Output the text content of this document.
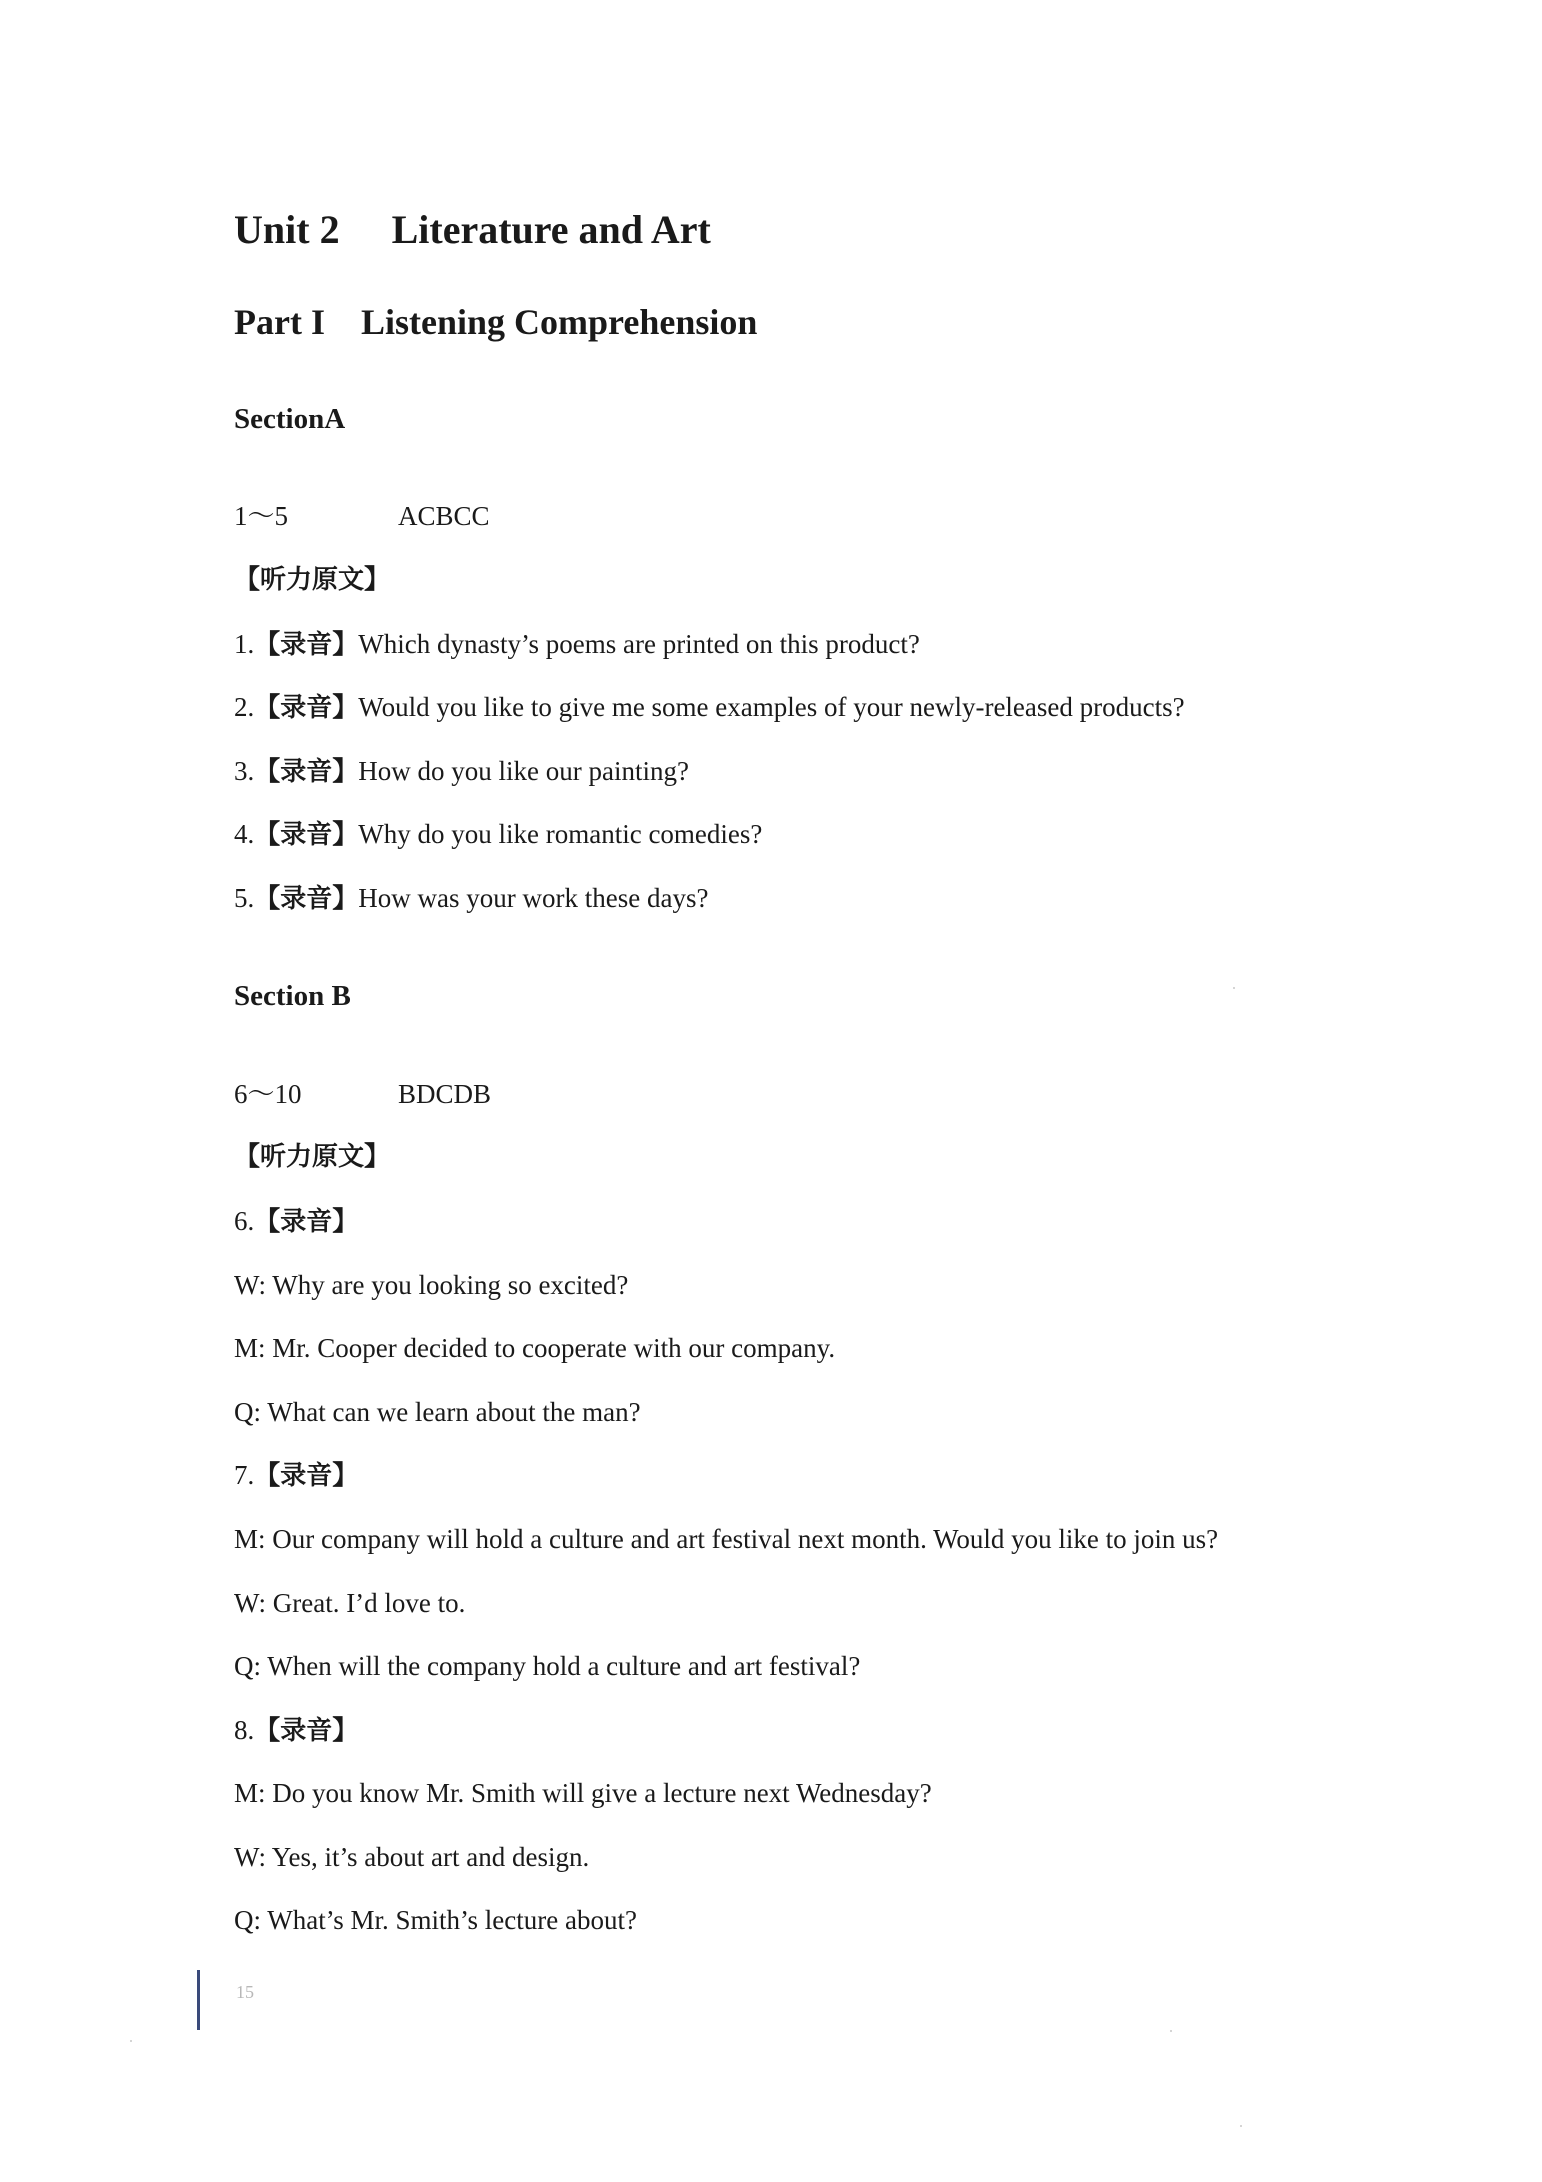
Unit 2 Literature and Art
Part I Listening Comprehension
SectionA
1～5	ACBCC
【听力原文】
1.【录音】Which dynasty’s poems are printed on this product?
2.【录音】Would you like to give me some examples of your newly-released products?
3.【录音】How do you like our painting?
4.【录音】Why do you like romantic comedies?
5.【录音】How was your work these days?
Section B
6～10	BDCDB
【听力原文】
6.【录音】
W: Why are you looking so excited?
M: Mr. Cooper decided to cooperate with our company.
Q: What can we learn about the man?
7.【录音】
M: Our company will hold a culture and art festival next month. Would you like to join us?
W: Great. I’d love to.
Q: When will the company hold a culture and art festival?
8.【录音】
M: Do you know Mr. Smith will give a lecture next Wednesday?
W: Yes, it’s about art and design.
Q: What’s Mr. Smith’s lecture about?
15
